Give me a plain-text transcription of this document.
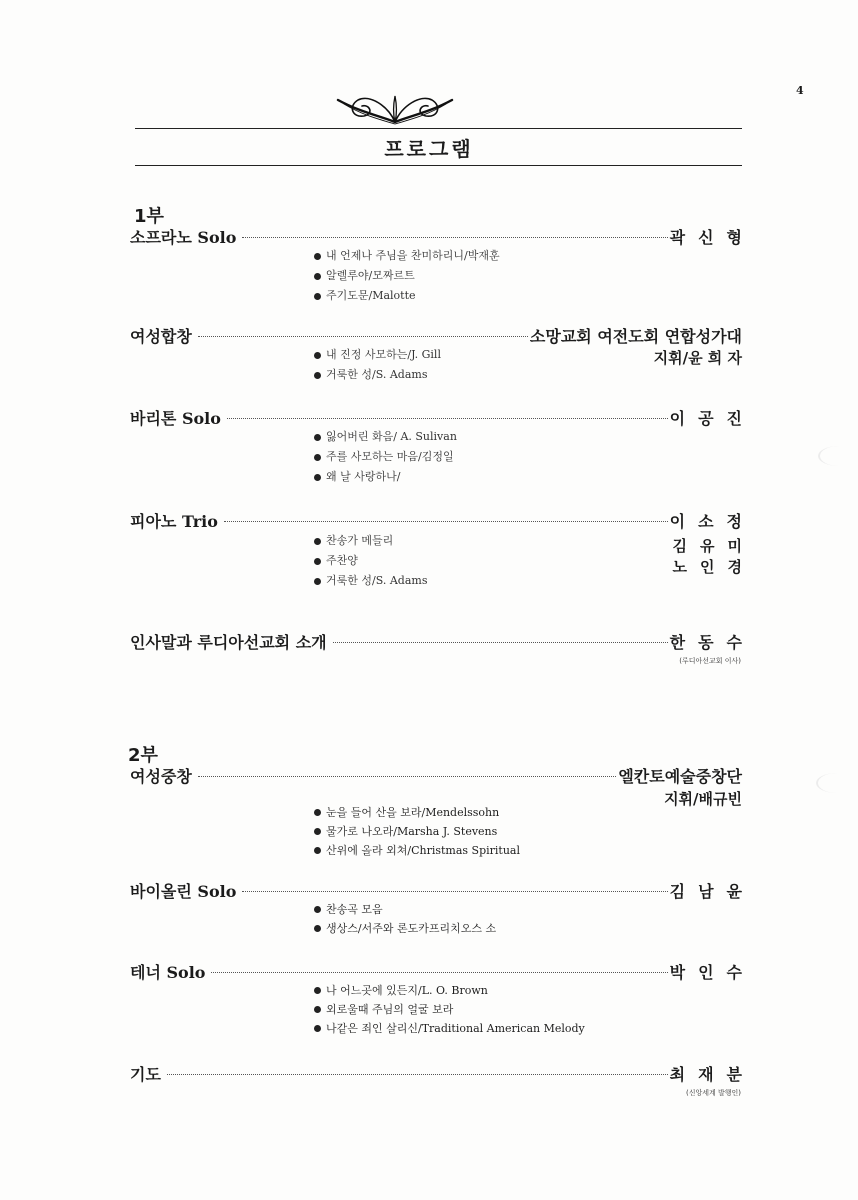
4
프로그램
1부
소프라노 Solo	곽신형
내 언제나 주님을 찬미하리니/박재훈
알렐루야/모짜르트
주기도문/Malotte
여성합창	소망교회 여전도회 연합성가대
지휘/윤 희 자
내 진정 사모하는/J. Gill
거룩한 성/S. Adams
바리톤 Solo	이공진
잃어버린 화음/ A. Sulivan
주를 사모하는 마음/김정일
왜 날 사랑하나/
피아노 Trio	이소정
김유미
노인경
찬송가 메들리
주찬양
거룩한 성/S. Adams
인사말과 루디아선교회 소개	한동수
(루디아선교회 이사)
2부
여성중창	엘칸토예술중창단
지휘/배규빈
눈을 들어 산을 보라/Mendelssohn
물가로 나오라/Marsha J. Stevens
산위에 올라 외쳐/Christmas Spiritual
바이올린 Solo	김남윤
찬송곡 모음
생상스/서주와 론도카프리치오스 소
테너 Solo	박인수
나 어느곳에 있든지/L. O. Brown
외로울때 주님의 얼굴 보라
나같은 죄인 살리신/Traditional American Melody
기도	최재분
(신앙세계 발행인)
